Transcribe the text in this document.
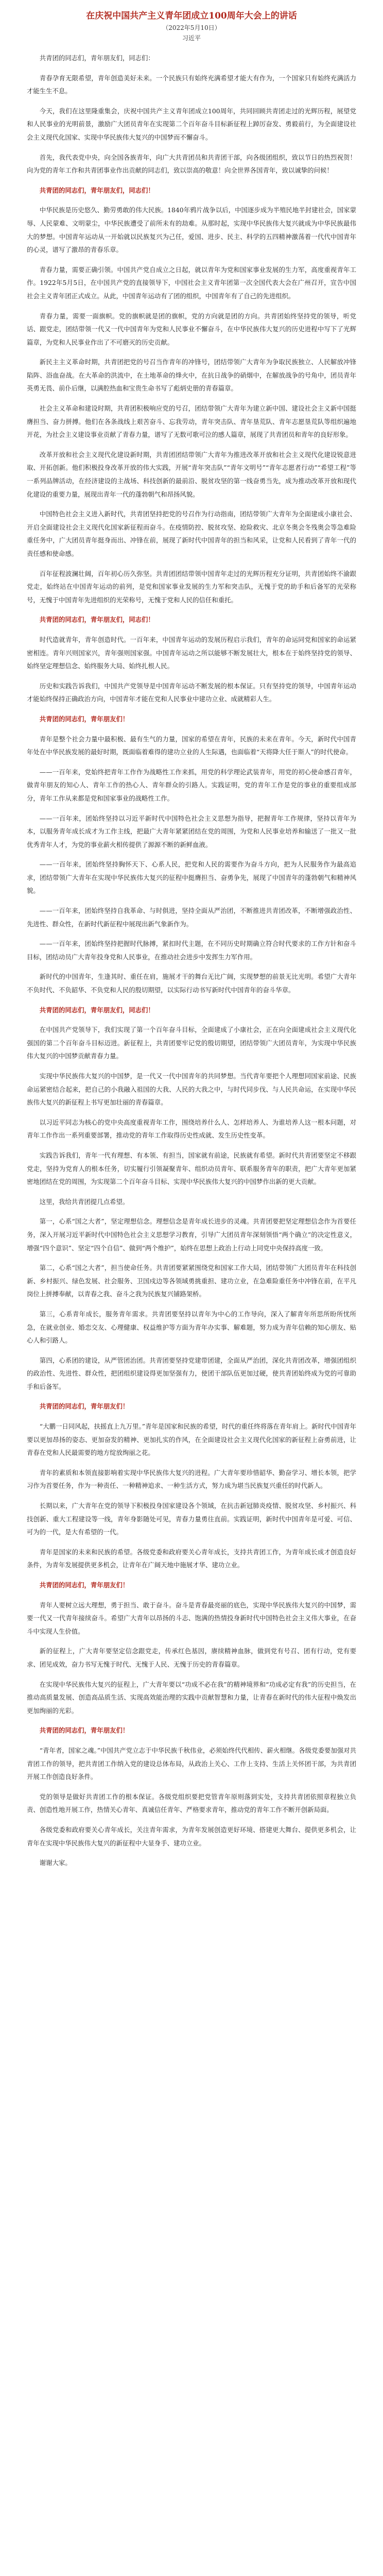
在庆祝中国共产主义青年团成立100周年大会上的讲话
（2022年5月10日）
习近平

共青团的同志们，青年朋友们，同志们：

青春孕育无限希望，青年创造美好未来。一个民族只有始终充满希望才能大有作为，一个国家只有始终充满活力才能生生不息。

今天，我们在这里隆重集会，庆祝中国共产主义青年团成立100周年，共同回顾共青团走过的光辉历程，展望党和人民事业的光明前景，激励广大团员青年在实现第二个百年奋斗目标新征程上踔厉奋发、勇毅前行，为全面建设社会主义现代化国家、实现中华民族伟大复兴的中国梦而不懈奋斗。

首先，我代表党中央，向全国各族青年，向广大共青团员和共青团干部，向各级团组织，致以节日的热烈祝贺！向为党的青年工作和共青团事业作出贡献的同志们，致以崇高的敬意！向全世界各国青年，致以诚挚的问候！

共青团的同志们，青年朋友们，同志们！

中华民族是历史悠久、勤劳勇敢的伟大民族。1840年鸦片战争以后，中国逐步成为半殖民地半封建社会，国家蒙辱、人民蒙难、文明蒙尘，中华民族遭受了前所未有的劫难。从那时起，实现中华民族伟大复兴就成为中华民族最伟大的梦想。中国青年运动从一开始就以民族复兴为己任，爱国、进步、民主、科学的五四精神激荡着一代代中国青年的心灵，谱写了激昂的青春乐章。

青春力量，需要正确引领。中国共产党自成立之日起，就以青年为党和国家事业发展的生力军，高度重视青年工作。1922年5月5日，在中国共产党的直接领导下，中国社会主义青年团第一次全国代表大会在广州召开，宣告中国社会主义青年团正式成立。从此，中国青年运动有了团的组织，中国青年有了自己的先进组织。

青春力量，需要一面旗帜。党的旗帜就是团的旗帜，党的方向就是团的方向。共青团始终坚持党的领导，听党话、跟党走，团结带领一代又一代中国青年为党和人民事业不懈奋斗，在中华民族伟大复兴的历史进程中写下了光辉篇章，为党和人民事业作出了不可磨灭的历史贡献。

新民主主义革命时期，共青团把党的号召当作青年的冲锋号，团结带领广大青年为争取民族独立、人民解放冲锋陷阵、浴血奋战。在大革命的洪流中，在土地革命的烽火中，在抗日战争的硝烟中，在解放战争的号角中，团员青年英勇无畏、前仆后继，以满腔热血和宝贵生命书写了彪炳史册的青春篇章。

社会主义革命和建设时期，共青团积极响应党的号召，团结带领广大青年为建立新中国、建设社会主义新中国挺膺担当、奋力拼搏。他们在各条战线上艰苦奋斗、忘我劳动，青年突击队、青年垦荒队、青年志愿垦荒队等组织遍地开花，为社会主义建设事业贡献了青春力量，谱写了无数可歌可泣的感人篇章，展现了共青团员和青年的良好形象。

改革开放和社会主义现代化建设新时期，共青团团结带领广大青年为推进改革开放和社会主义现代化建设锐意进取、开拓创新。他们积极投身改革开放的伟大实践，开展“青年突击队”“青年文明号”“青年志愿者行动”“希望工程”等一系列品牌活动，在经济建设的主战场、科技创新的最前沿、脱贫攻坚的第一线奋勇当先，成为推动改革开放和现代化建设的重要力量，展现出青年一代的蓬勃朝气和昂扬风貌。

中国特色社会主义进入新时代，共青团坚持把党的号召作为行动指南，团结带领广大青年为全面建成小康社会、开启全面建设社会主义现代化国家新征程而奋斗。在疫情防控、脱贫攻坚、抢险救灾、北京冬奥会冬残奥会等急难险重任务中，广大团员青年挺身而出、冲锋在前，展现了新时代中国青年的担当和风采，让党和人民看到了青年一代的责任感和使命感。

百年征程波澜壮阔，百年初心历久弥坚。共青团团结带领中国青年走过的光辉历程充分证明，共青团始终不渝跟党走，始终站在中国青年运动的前列，是党和国家事业发展的生力军和突击队，无愧于党的助手和后备军的光荣称号，无愧于中国青年先进组织的光荣称号，无愧于党和人民的信任和重托。

共青团的同志们，青年朋友们，同志们！

时代造就青年，青年创造时代。一百年来，中国青年运动的发展历程启示我们，青年的命运同党和国家的命运紧密相连。青年兴则国家兴，青年强则国家强。中国青年运动之所以能够不断发展壮大，根本在于始终坚持党的领导、始终坚定理想信念、始终服务大局、始终扎根人民。

历史和实践告诉我们，中国共产党领导是中国青年运动不断发展的根本保证。只有坚持党的领导，中国青年运动才能始终保持正确政治方向，中国青年才能在党和人民事业中建功立业、成就精彩人生。

共青团的同志们，青年朋友们！

青年是整个社会力量中最积极、最有生气的力量，国家的希望在青年，民族的未来在青年。今天，新时代中国青年处在中华民族发展的最好时期，既面临着难得的建功立业的人生际遇，也面临着“天将降大任于斯人”的时代使命。

——一百年来，党始终把青年工作作为战略性工作来抓，用党的科学理论武装青年，用党的初心使命感召青年，做青年朋友的知心人、青年工作的热心人、青年群众的引路人。实践证明，党的青年工作是党的事业的重要组成部分，青年工作从来都是党和国家事业的战略性工作。

——一百年来，团始终坚持以习近平新时代中国特色社会主义思想为指导，把握青年工作规律，坚持以青年为本，以服务青年成长成才为工作主线，把最广大青年紧紧团结在党的周围，为党和人民事业培养和输送了一批又一批优秀青年人才，为党的事业薪火相传提供了源源不断的新鲜血液。

——一百年来，团始终坚持胸怀天下、心系人民，把党和人民的需要作为奋斗方向，把为人民服务作为最高追求，团结带领广大青年在实现中华民族伟大复兴的征程中挺膺担当、奋勇争先，展现了中国青年的蓬勃朝气和精神风貌。

——一百年来，团始终坚持自我革命、与时俱进，坚持全面从严治团，不断推进共青团改革，不断增强政治性、先进性、群众性，在新时代新征程中展现出新气象新作为。

——一百年来，团始终坚持把握时代脉搏，紧扣时代主题，在不同历史时期确立符合时代要求的工作方针和奋斗目标，团结动员广大青年投身党和人民事业，在推动社会进步中发挥生力军作用。

新时代的中国青年，生逢其时、重任在肩，施展才干的舞台无比广阔，实现梦想的前景无比光明。希望广大青年不负时代、不负韶华、不负党和人民的殷切期望，以实际行动书写新时代中国青年的奋斗华章。

共青团的同志们，青年朋友们，同志们！

在中国共产党领导下，我们实现了第一个百年奋斗目标，全面建成了小康社会，正在向全面建成社会主义现代化强国的第二个百年奋斗目标迈进。新征程上，共青团要牢记党的殷切期望，团结带领广大团员青年，为实现中华民族伟大复兴的中国梦贡献青春力量。

实现中华民族伟大复兴的中国梦，是一代又一代中国青年的共同梦想。当代青年要把个人理想同国家前途、民族命运紧密结合起来，把自己的小我融入祖国的大我、人民的大我之中，与时代同步伐、与人民共命运，在实现中华民族伟大复兴的新征程上书写更加壮丽的青春篇章。

以习近平同志为核心的党中央高度重视青年工作，围绕培养什么人、怎样培养人、为谁培养人这一根本问题，对青年工作作出一系列重要部署，推动党的青年工作取得历史性成就、发生历史性变革。

实践告诉我们，青年一代有理想、有本领、有担当，国家就有前途，民族就有希望。新时代共青团要坚定不移跟党走，坚持为党育人的根本任务，切实履行引领凝聚青年、组织动员青年、联系服务青年的职责，把广大青年更加紧密地团结在党的周围，为实现第二个百年奋斗目标、实现中华民族伟大复兴的中国梦作出新的更大贡献。

这里，我给共青团提几点希望。

第一，心系“国之大者”，坚定理想信念。理想信念是青年成长进步的灵魂。共青团要把坚定理想信念作为首要任务，深入开展习近平新时代中国特色社会主义思想学习教育，引导广大团员青年深刻领悟“两个确立”的决定性意义，增强“四个意识”、坚定“四个自信”、做到“两个维护”，始终在思想上政治上行动上同党中央保持高度一致。

第二，心系“国之大者”，担当使命任务。共青团要紧紧围绕党和国家工作大局，团结带领广大团员青年在科技创新、乡村振兴、绿色发展、社会服务、卫国戍边等各领域勇挑重担、建功立业，在急难险重任务中冲锋在前，在平凡岗位上拼搏奉献，以青春之我、奋斗之我为民族复兴铺路架桥。

第三，心系青年成长，服务青年需求。共青团要坚持以青年为中心的工作导向，深入了解青年所思所盼所忧所急，在就业创业、婚恋交友、心理健康、权益维护等方面为青年办实事、解难题，努力成为青年信赖的知心朋友、贴心人和引路人。

第四，心系团的建设，从严管团治团。共青团要坚持党建带团建，全面从严治团，深化共青团改革，增强团组织的政治性、先进性、群众性，把团组织建设得更加坚强有力，使团干部队伍更加过硬，使共青团始终成为党的可靠助手和后备军。

共青团的同志们，青年朋友们！

“大鹏一日同风起，扶摇直上九万里。”青年是国家和民族的希望，时代的重任终将落在青年肩上。新时代中国青年要以更加昂扬的姿态、更加奋发的精神、更加扎实的作风，在全面建设社会主义现代化国家的新征程上奋勇前进，让青春在党和人民最需要的地方绽放绚丽之花。

青年的素质和本领直接影响着实现中华民族伟大复兴的进程。广大青年要珍惜韶华、勤奋学习、增长本领，把学习作为首要任务，作为一种责任、一种精神追求、一种生活方式，努力成为堪当民族复兴重任的时代新人。

长期以来，广大青年在党的领导下积极投身国家建设各个领域，在抗击新冠肺炎疫情、脱贫攻坚、乡村振兴、科技创新、重大工程建设等一线，青年身影随处可见，青春力量勇往直前。实践证明，新时代中国青年是可爱、可信、可为的一代，是大有希望的一代。

青年是国家的未来和民族的希望。各级党委和政府要关心青年成长，支持共青团工作，为青年成长成才创造良好条件，为青年发展提供更多机会，让青年在广阔天地中施展才华、建功立业。

共青团的同志们，青年朋友们！

青年人要树立远大理想，勇于担当、敢于奋斗。奋斗是青春最亮丽的底色，实现中华民族伟大复兴的中国梦，需要一代又一代青年接续奋斗。希望广大青年以昂扬的斗志、饱满的热情投身新时代中国特色社会主义伟大事业，在奋斗中实现人生价值。

新的征程上，广大青年要坚定信念跟党走，传承红色基因，赓续精神血脉，做到党有号召、团有行动，党有要求、团见成效，奋力书写无愧于时代、无愧于人民、无愧于历史的青春篇章。

在实现中华民族伟大复兴的征程上，广大青年要以“功成不必在我”的精神境界和“功成必定有我”的历史担当，在推动高质量发展、创造高品质生活、实现高效能治理的实践中贡献智慧和力量，让青春在新时代的伟大征程中焕发出更加绚丽的光彩。

共青团的同志们，青年朋友们！

“青年者，国家之魂。”中国共产党立志于中华民族千秋伟业，必须始终代代相传、薪火相继。各级党委要加强对共青团工作的领导，把共青团工作纳入党的建设总体布局，从政治上关心、工作上支持、生活上关怀团干部，为共青团开展工作创造良好条件。

党的领导是做好共青团工作的根本保证。各级党组织要把党管青年原则落到实处，支持共青团依照章程独立负责、创造性地开展工作，热情关心青年、真诚信任青年、严格要求青年，推动党的青年工作不断开创新局面。

各级党委和政府要关心青年成长，关注青年需求，为青年发展创造更好环境、搭建更大舞台、提供更多机会，让青年在实现中华民族伟大复兴的新征程中大显身手、建功立业。

谢谢大家。
